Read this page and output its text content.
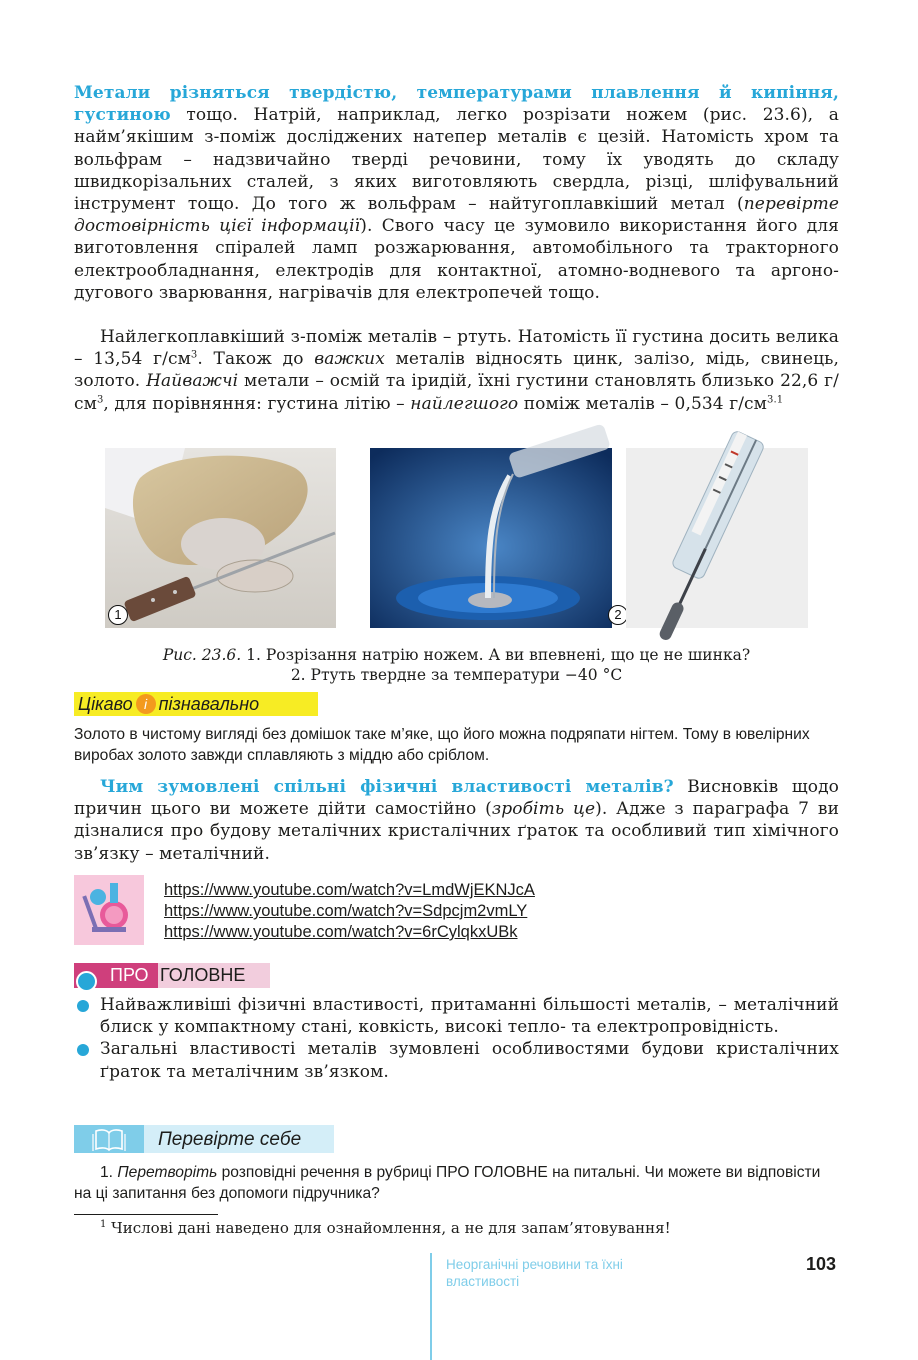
Метали різняться твердістю, температурами плавлення й кипіння, густиною тощо. Натрій, наприклад, легко розрізати ножем (рис. 23.6), а найм’якішим з-поміж досліджених натепер металів є цезій. Натомість хром та вольфрам – надзвичайно тверді речовини, тому їх уводять до складу швидкорізальних сталей, з яких виготовляють свердла, різці, шліфувальний інструмент тощо. До того ж вольфрам – найтугоплавкіший метал (перевірте достовірність цієї інформації). Свого часу це зумовило використання його для виготовлення спіралей ламп розжарювання, автомобільного та тракторного електрообладнання, електродів для контактної, атомно-водневого та аргоно-дугового зварювання, нагрівачів для електропечей тощо.
Найлегкоплавкіший з-поміж металів – ртуть. Натомість її густина досить велика – 13,54 $г/см^3$. Також до важких металів відносять цинк, залізо, мідь, свинець, золото. Найважчі метали – осмій та іридій, їхні густини становлять близько 22,6 $г/см^3$, для порівняння: густина літію – найлегшого поміж металів – 0,534 $г/см^{3.1}$
1	2
Рис. 23.6. 1. Розрізання натрію ножем. А ви впевнені, що це не шинка?
2. Ртуть твердне за температури −40 °C
Цікаво і пізнавально
Золото в чистому вигляді без домішок таке м’яке, що його можна подряпати нігтем. Тому в ювелірних виробах золото завжди сплавляють з міддю або сріблом.
Чим зумовлені спільні фізичні властивості металів? Висновків щодо причин цього ви можете дійти самостійно (зробіть це). Адже з параграфа 7 ви дізналися про будову металічних кристалічних ґраток та особливий тип хімічного зв’язку – металічний.
https://www.youtube.com/watch?v=LmdWjEKNJcA
https://www.youtube.com/watch?v=Sdpcjm2vmLY
https://www.youtube.com/watch?v=6rCylqkxUBk
ПРО ГОЛОВНЕ
Найважливіші фізичні властивості, притаманні більшості металів, – металічний блиск у компактному стані, ковкість, високі тепло- та електропровідність.
Загальні властивості металів зумовлені особливостями будови кристалічних ґраток та металічним зв’язком.
Перевірте себе
1. Перетворіть розповідні речення в рубриці ПРО ГОЛОВНЕ на питальні. Чи можете ви відповісти на ці запитання без допомоги підручника?
$^1$ Числові дані наведено для ознайомлення, а не для запам’ятовування!
Неорганічні речовини та їхні
властивості
103
